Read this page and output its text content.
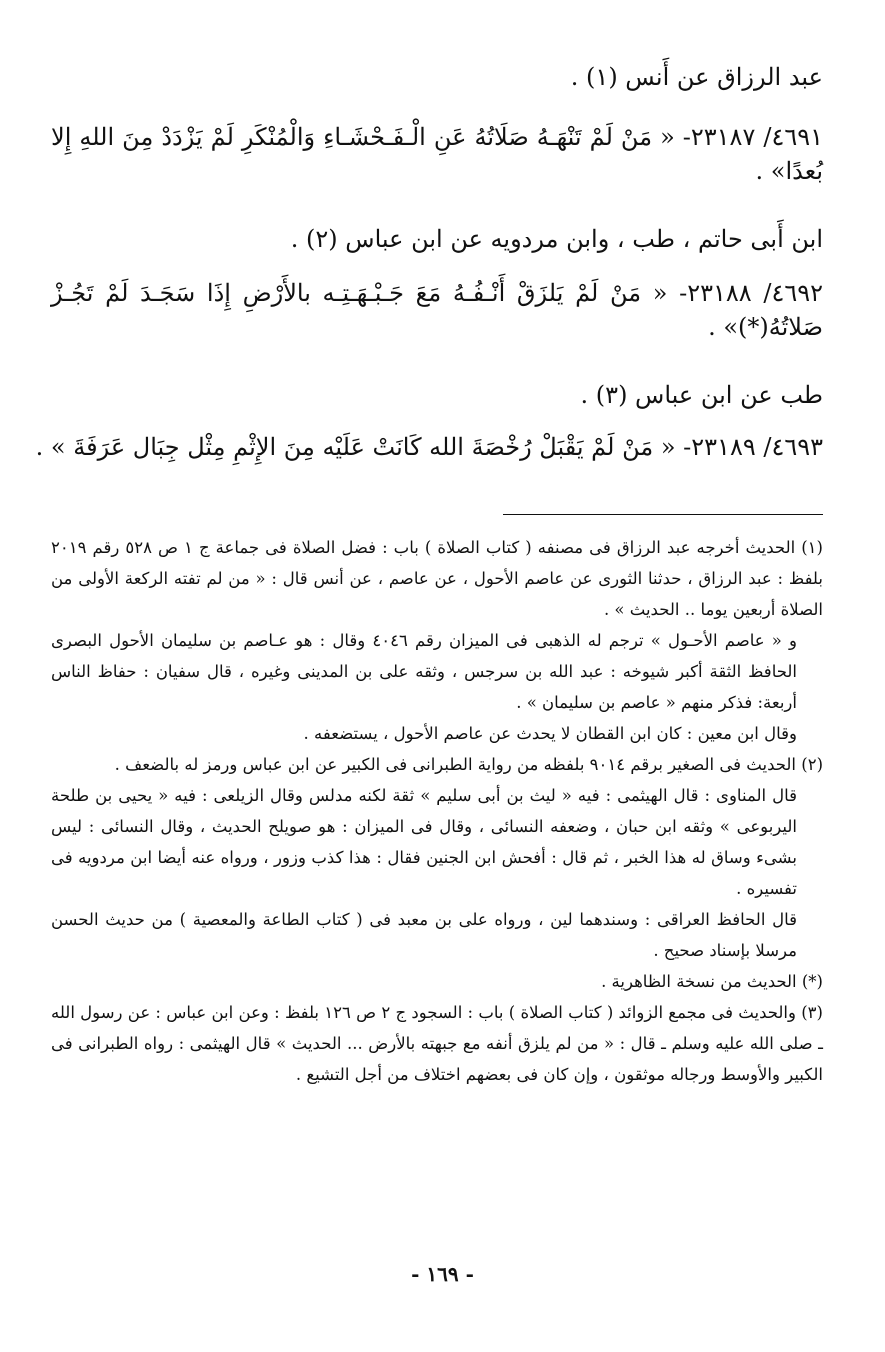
عبد الرزاق عن أَنس (١) .
٤٦٩١/ ٢٣١٨٧- « مَنْ لَمْ تَنْهَـهُ صَلَاتُهُ عَنِ الْـفَـحْشَـاءِ وَالْمُنْكَرِ لَمْ يَزْدَدْ مِنَ اللهِ إِلا بُعدًا» .
ابن أَبى حاتم ، طب ، وابن مردويه عن ابن عباس (٢) .
٤٦٩٢/ ٢٣١٨٨- « مَنْ لَمْ يَلزَقْ أَنْـفُـهُ مَعَ جَـبْـهَـتِـه بالأَرْضِ إِذَا سَجَـدَ لَمْ تَجُـزْ صَلاتُهُ(*)» .
طب عن ابن عباس (٣) .
٤٦٩٣/ ٢٣١٨٩- « مَنْ لَمْ يَقْبَلْ رُخْصَةَ الله كَانَتْ عَلَيْه مِنَ الإِثْمِ مِثْل جِبَال عَرَفَةَ » .
(١) الحديث أخرجه عبد الرزاق فى مصنفه ( كتاب الصلاة ) باب : فضل الصلاة فى جماعة ج ١ ص ٥٢٨ رقم ٢٠١٩ بلفظ : عبد الرزاق ، حدثنا الثورى عن عاصم الأحول ، عن عاصم ، عن أنس قال : « من لم تفته الركعة الأولى من الصلاة أربعين يوما .. الحديث » .
و « عاصم الأحـول » ترجم له الذهبى فى الميزان رقم ٤٠٤٦ وقال : هو عـاصم بن سليمان الأحول البصرى الحافظ الثقة أكبر شيوخه : عبد الله بن سرجس ، وثقه على بن المدينى وغيره ، قال سفيان : حفاظ الناس أربعة: فذكر منهم « عاصم بن سليمان » .
وقال ابن معين : كان ابن القطان لا يحدث عن عاصم الأحول ، يستضعفه .
(٢) الحديث فى الصغير برقم ٩٠١٤ بلفظه من رواية الطبرانى فى الكبير عن ابن عباس ورمز له بالضعف .
قال المناوى : قال الهيثمى : فيه « ليث بن أبى سليم » ثقة لكنه مدلس وقال الزيلعى : فيه « يحيى بن طلحة اليربوعى » وثقه ابن حبان ، وضعفه النسائى ، وقال فى الميزان : هو صويلح الحديث ، وقال النسائى : ليس بشىء وساق له هذا الخبر ، ثم قال : أفحش ابن الجنين فقال : هذا كذب وزور ، ورواه عنه أيضا ابن مردويه فى تفسيره .
قال الحافظ العراقى : وسندهما لين ، ورواه على بن معبد فى ( كتاب الطاعة والمعصية ) من حديث الحسن مرسلا بإسناد صحيح .
(*) الحديث من نسخة الظاهرية .
(٣) والحديث فى مجمع الزوائد ( كتاب الصلاة ) باب : السجود ج ٢ ص ١٢٦ بلفظ : وعن ابن عباس : عن رسول الله ـ صلى الله عليه وسلم ـ قال : « من لم يلزق أنفه مع جبهته بالأرض ... الحديث » قال الهيثمى : رواه الطبرانى فى الكبير والأوسط ورجاله موثقون ، وإن كان فى بعضهم اختلاف من أجل التشيع .
- ١٦٩ -
